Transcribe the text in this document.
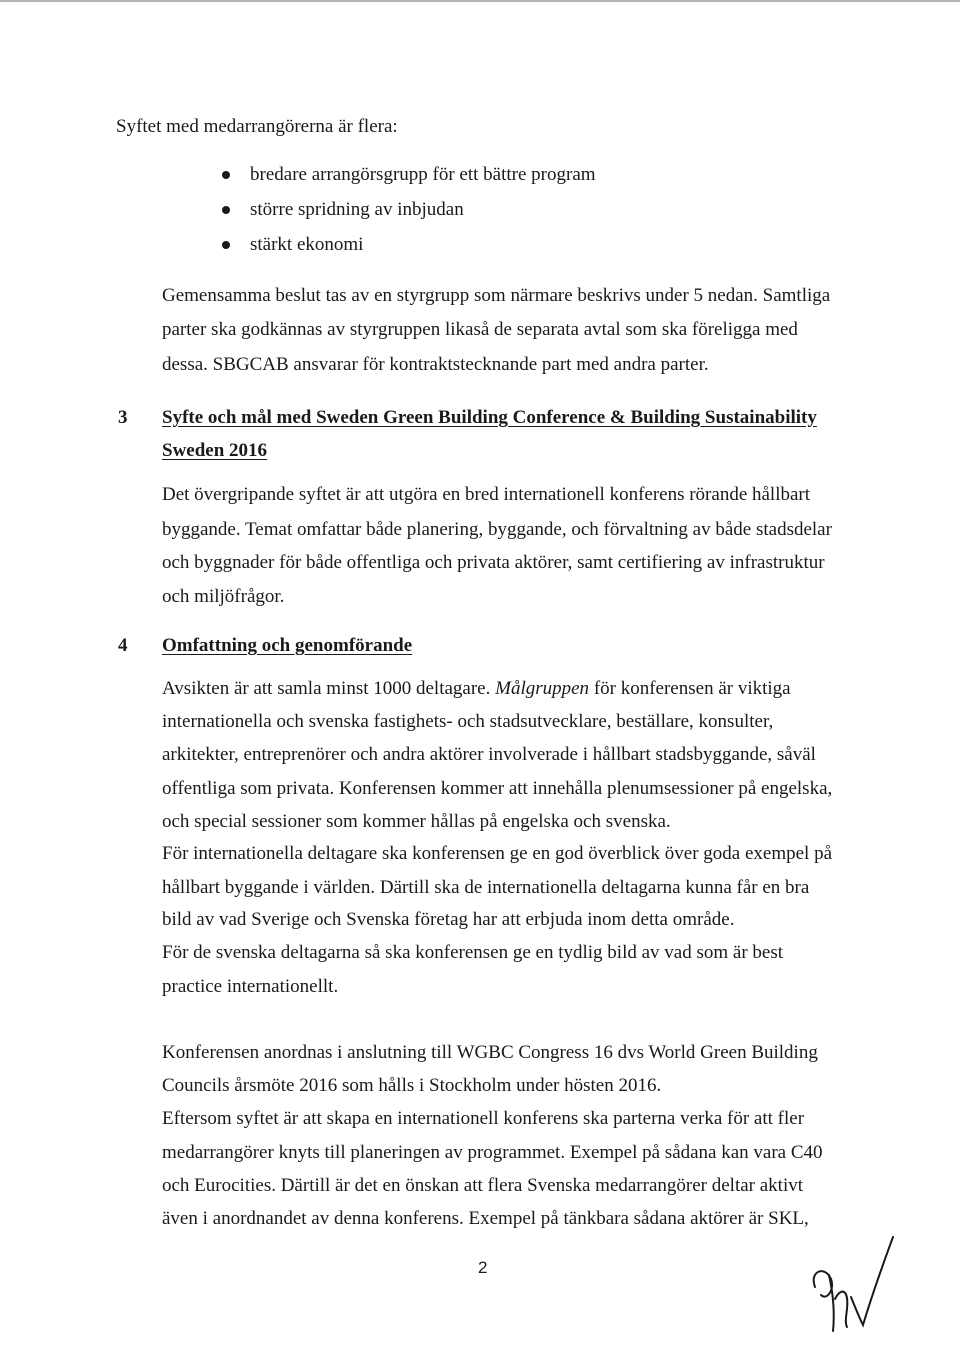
Syftet med medarrangörerna är flera:
bredare arrangörsgrupp för ett bättre program
större spridning av inbjudan
stärkt ekonomi
Gemensamma beslut tas av en styrgrupp som närmare beskrivs under 5 nedan. Samtliga
parter ska godkännas av styrgruppen likaså de separata avtal som ska föreligga med
dessa. SBGCAB ansvarar för kontraktstecknande part med andra parter.
3 Syfte och mål med Sweden Green Building Conference & Building Sustainability
Sweden 2016
Det övergripande syftet är att utgöra en bred internationell konferens rörande hållbart
byggande. Temat omfattar både planering, byggande, och förvaltning av både stadsdelar
och byggnader för både offentliga och privata aktörer, samt certifiering av infrastruktur
och miljöfrågor.
4 Omfattning och genomförande
Avsikten är att samla minst 1000 deltagare. Målgruppen för konferensen är viktiga
internationella och svenska fastighets- och stadsutvecklare, beställare, konsulter,
arkitekter, entreprenörer och andra aktörer involverade i hållbart stadsbyggande, såväl
offentliga som privata. Konferensen kommer att innehålla plenumsessioner på engelska,
och special sessioner som kommer hållas på engelska och svenska.
För internationella deltagare ska konferensen ge en god överblick över goda exempel på
hållbart byggande i världen. Därtill ska de internationella deltagarna kunna får en bra
bild av vad Sverige och Svenska företag har att erbjuda inom detta område.
För de svenska deltagarna så ska konferensen ge en tydlig bild av vad som är best
practice internationellt.
Konferensen anordnas i anslutning till WGBC Congress 16 dvs World Green Building
Councils årsmöte 2016 som hålls i Stockholm under hösten 2016.
Eftersom syftet är att skapa en internationell konferens ska parterna verka för att fler
medarrangörer knyts till planeringen av programmet. Exempel på sådana kan vara C40
och Eurocities. Därtill är det en önskan att flera Svenska medarrangörer deltar aktivt
även i anordnandet av denna konferens. Exempel på tänkbara sådana aktörer är SKL,
2
